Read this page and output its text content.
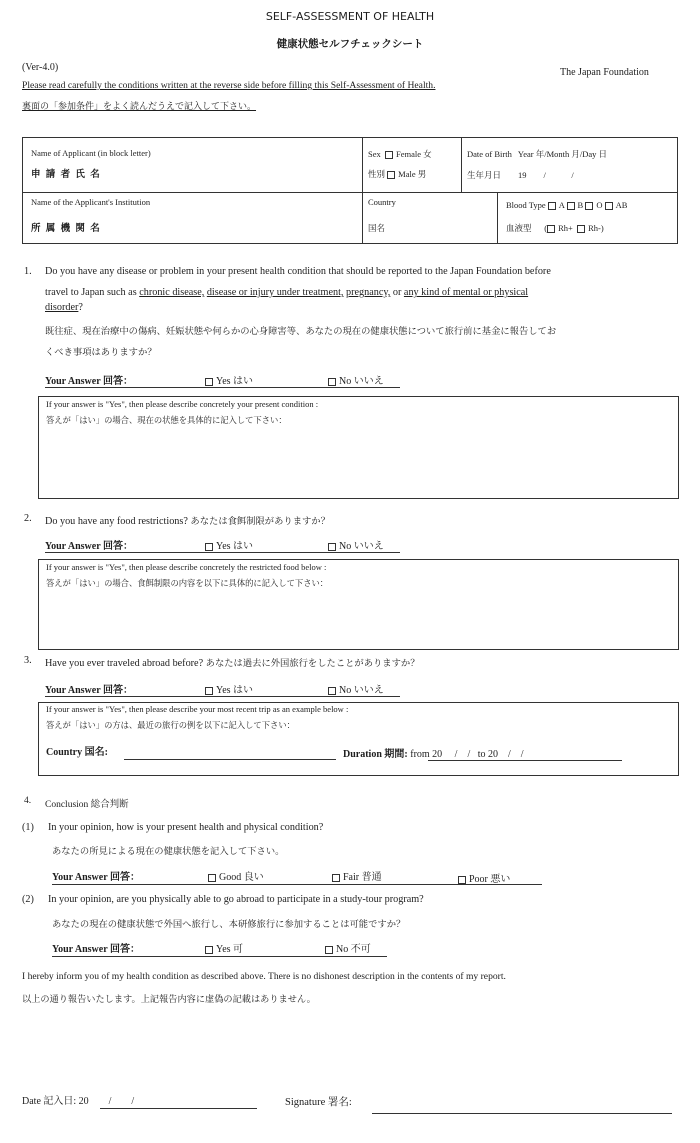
SELF-ASSESSMENT OF HEALTH
健康状態セルフチェックシート
(Ver-4.0)	The Japan Foundation
Please read carefully the conditions written at the reverse side before filling this Self-Assessment of Health.
裏面の「参加条件」をよく読んだうえで記入して下さい。
Name of Applicant (in block letter)
申 請 者 氏 名
Sex Female 女
性別 Male 男
Date of Birth Year 年/Month 月/Day 日
生年月日 19　　/　　　/
Name of the Applicant's Institution
所 属 機 関 名
Country
国名
Blood Type A B O AB
血液型      ( Rh+ Rh-)
1. Do you have any disease or problem in your present health condition that should be reported to the Japan Foundation before
travel to Japan such as chronic disease, disease or injury under treatment, pregnancy, or any kind of mental or physical
disorder?
既往症、現在治療中の傷病、妊娠状態や何らかの心身障害等、あなたの現在の健康状態について旅行前に基金に報告してお
くべき事項はありますか？
Your Answer 回答：	Yes はい	No いいえ
If your answer is "Yes", then please describe concretely your present condition :
答えが「はい」の場合、現在の状態を具体的に記入して下さい：
2. Do you have any food restrictions? あなたは食餌制限がありますか？
Your Answer 回答：	Yes はい	No いいえ
If your answer is "Yes", then please describe concretely the restricted food below :
答えが「はい」の場合、食餌制限の内容を以下に具体的に記入して下さい：
3. Have you ever traveled abroad before? あなたは過去に外国旅行をしたことがありますか？
Your Answer 回答：	Yes はい	No いいえ
If your answer is "Yes", then please describe your most recent trip as an example below :
答えが「はい」の方は、最近の旅行の例を以下に記入して下さい：
Country 国名:	Duration 期間: from 20　 /　/ to 20　/　/
4. Conclusion 総合判断
(1) In your opinion, how is your present health and physical condition?
あなたの所見による現在の健康状態を記入して下さい。
Your Answer 回答：	Good 良い	Fair 普通	Poor 悪い
(2) In your opinion, are you physically able to go abroad to participate in a study-tour program?
あなたの現在の健康状態で外国へ旅行し、本研修旅行に参加することは可能ですか？
Your Answer 回答：	Yes 可	No 不可
I hereby inform you of my health condition as described above. There is no dishonest description in the contents of my report.
以上の通り報告いたします。上記報告内容に虚偽の記載はありません。
Date 記入日: 20　　/　　/	Signature 署名:
